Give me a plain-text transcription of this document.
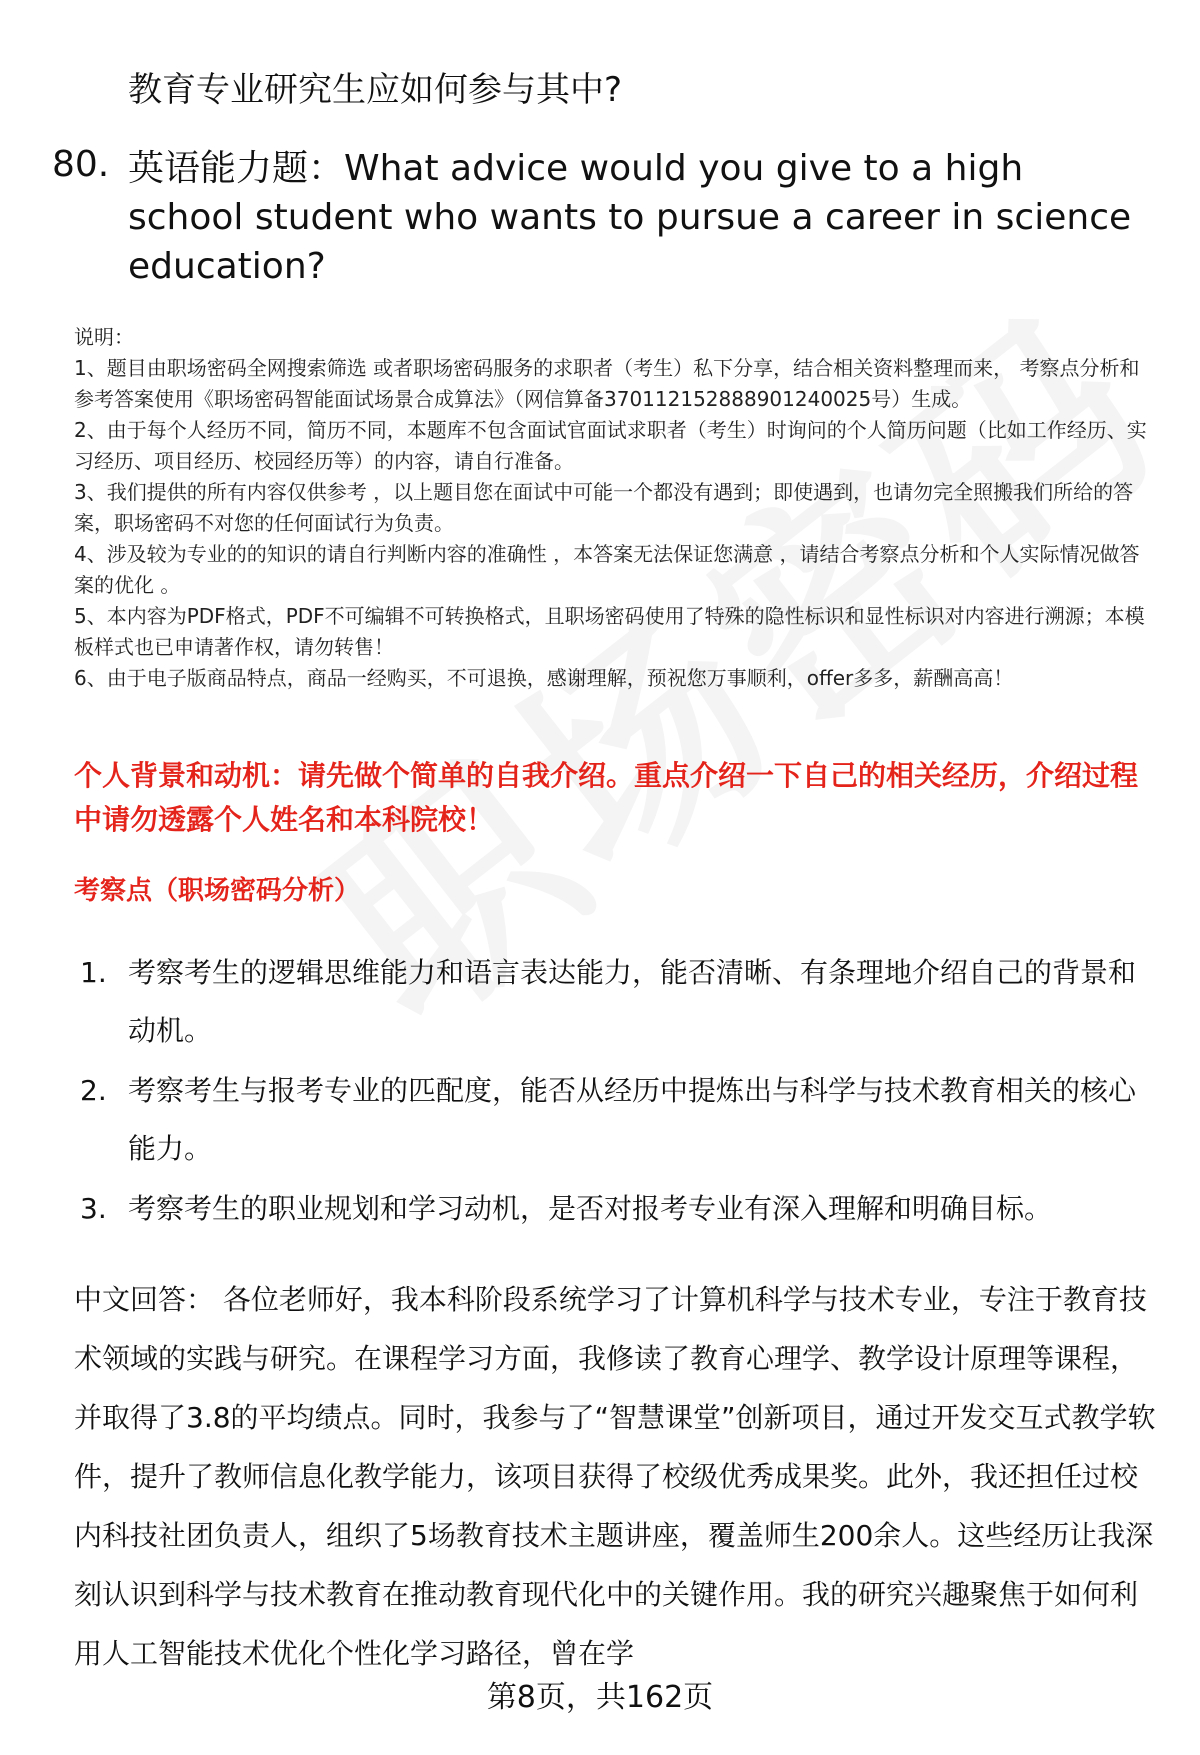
教育专业研究生应如何参与其中?
80. 英语能力题：What advice would you give to a high school student who wants to pursue a career in science education?

说明：

1、题目由职场密码全网搜索筛选 或者职场密码服务的求职者（考生）私下分享，结合相关资料整理而来， 考察点分析和参考答案使用《职场密码智能面试场景合成算法》（网信算备370112152888901240025号）生成。

2、由于每个人经历不同，简历不同，本题库不包含面试官面试求职者（考生）时询问的个人简历问题（比如工作经历、实习经历、项目经历、校园经历等）的内容，请自行准备。

3、我们提供的所有内容仅供参考 ，以上题目您在面试中可能一个都没有遇到；即使遇到，也请勿完全照搬我们所给的答案，职场密码不对您的任何面试行为负责。

4、涉及较为专业的的知识的请自行判断内容的准确性 ，本答案无法保证您满意 ，请结合考察点分析和个人实际情况做答案的优化 。

5、本内容为PDF格式，PDF不可编辑不可转换格式，且职场密码使用了特殊的隐性标识和显性标识对内容进行溯源；本模板样式也已申请著作权，请勿转售！

6、由于电子版商品特点，商品一经购买，不可退换，感谢理解，预祝您万事顺利，offer多多，薪酬高高！

个人背景和动机：请先做个简单的自我介绍。重点介绍一下自己的相关经历，介绍过程中请勿透露个人姓名和本科院校！
考察点（职场密码分析）
1. 考察考生的逻辑思维能力和语言表达能力，能否清晰、有条理地介绍自己的背景和动机。
2. 考察考生与报考专业的匹配度，能否从经历中提炼出与科学与技术教育相关的核心能力。
3. 考察考生的职业规划和学习动机，是否对报考专业有深入理解和明确目标。
中文回答： 各位老师好，我本科阶段系统学习了计算机科学与技术专业，专注于教育技术领域的实践与研究。在课程学习方面，我修读了教育心理学、教学设计原理等课程，并取得了3.8的平均绩点。同时，我参与了“智慧课堂”创新项目，通过开发交互式教学软件，提升了教师信息化教学能力，该项目获得了校级优秀成果奖。此外，我还担任过校内科技社团负责人，组织了5场教育技术主题讲座，覆盖师生200余人。这些经历让我深刻认识到科学与技术教育在推动教育现代化中的关键作用。我的研究兴趣聚焦于如何利用人工智能技术优化个性化学习路径，曾在学
第8页，共162页
